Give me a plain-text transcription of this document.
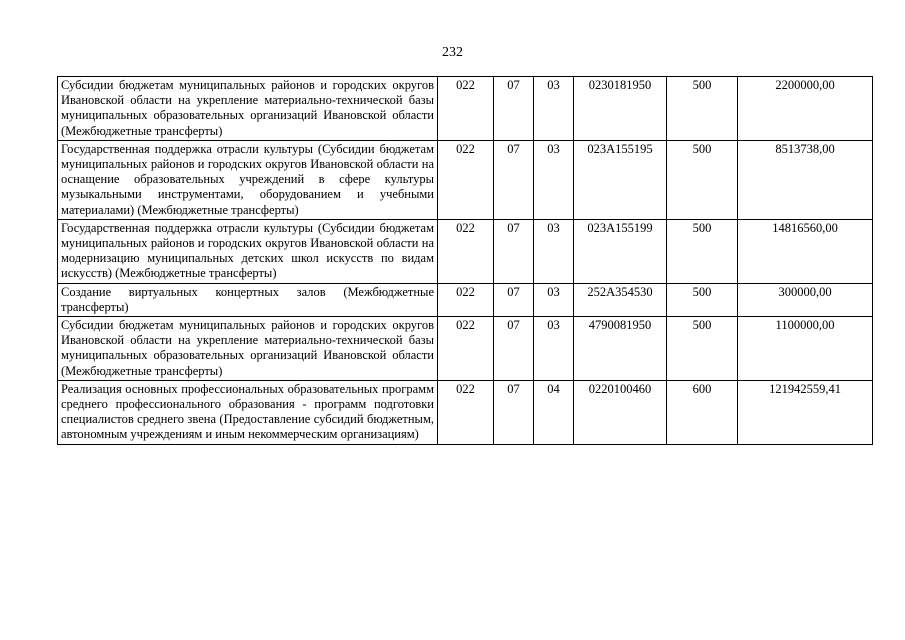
232
Субсидии бюджетам муниципальных районов и городских округов Ивановской области на укрепление материально-технической базы муниципальных образовательных организаций Ивановской области (Межбюджетные трансферты)	022	07	03	0230181950	500	2200000,00
Государственная поддержка отрасли культуры (Субсидии бюджетам муниципальных районов и городских округов Ивановской области на оснащение образовательных учреждений в сфере культуры музыкальными инструментами, оборудованием и учебными материалами) (Межбюджетные трансферты)	022	07	03	023A155195	500	8513738,00
Государственная поддержка отрасли культуры (Субсидии бюджетам муниципальных районов и городских округов Ивановской области на модернизацию муниципальных детских школ искусств по видам искусств) (Межбюджетные трансферты)	022	07	03	023A155199	500	14816560,00
Создание виртуальных концертных залов (Межбюджетные трансферты)	022	07	03	252A354530	500	300000,00
Субсидии бюджетам муниципальных районов и городских округов Ивановской области на укрепление материально-технической базы муниципальных образовательных организаций Ивановской области (Межбюджетные трансферты)	022	07	03	4790081950	500	1100000,00
Реализация основных профессиональных образовательных программ среднего профессионального образования - программ подготовки специалистов среднего звена (Предоставление субсидий бюджетным, автономным учреждениям и иным некоммерческим организациям)	022	07	04	0220100460	600	121942559,41
